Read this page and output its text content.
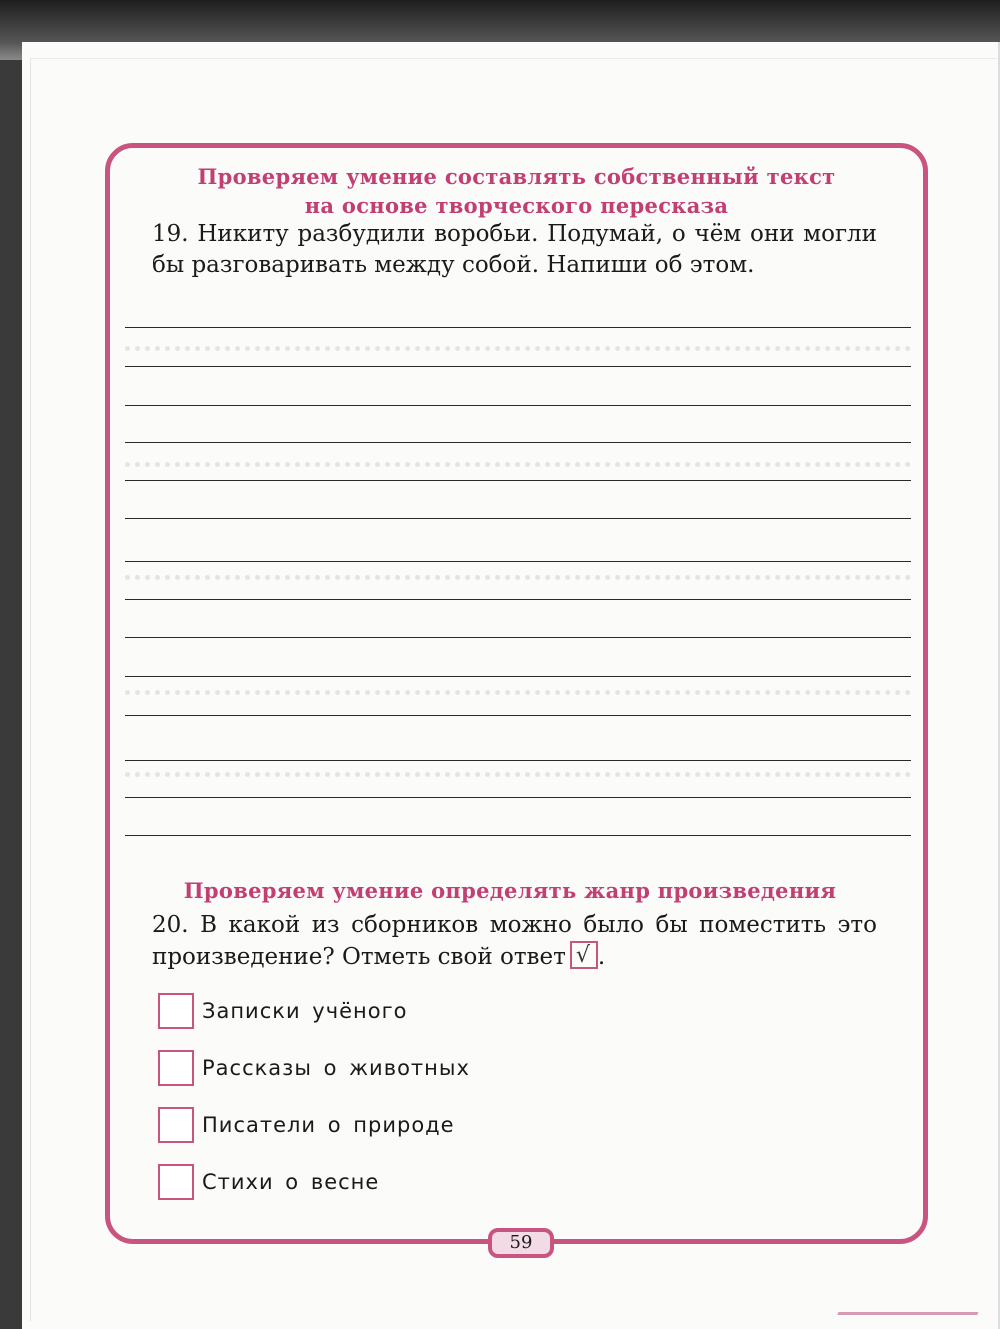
Проверяем умение составлять собственный текст
на основе творческого пересказа
19. Никиту разбудили воробьи. Подумай, о чём они могли бы разговаривать между собой. Напиши об этом.
Проверяем умение определять жанр произведения
20. В какой из сборников можно было бы поместить это произведение? Отметь свой ответ √ .
Записки учёного
Рассказы о животных
Писатели о природе
Стихи о весне
59
